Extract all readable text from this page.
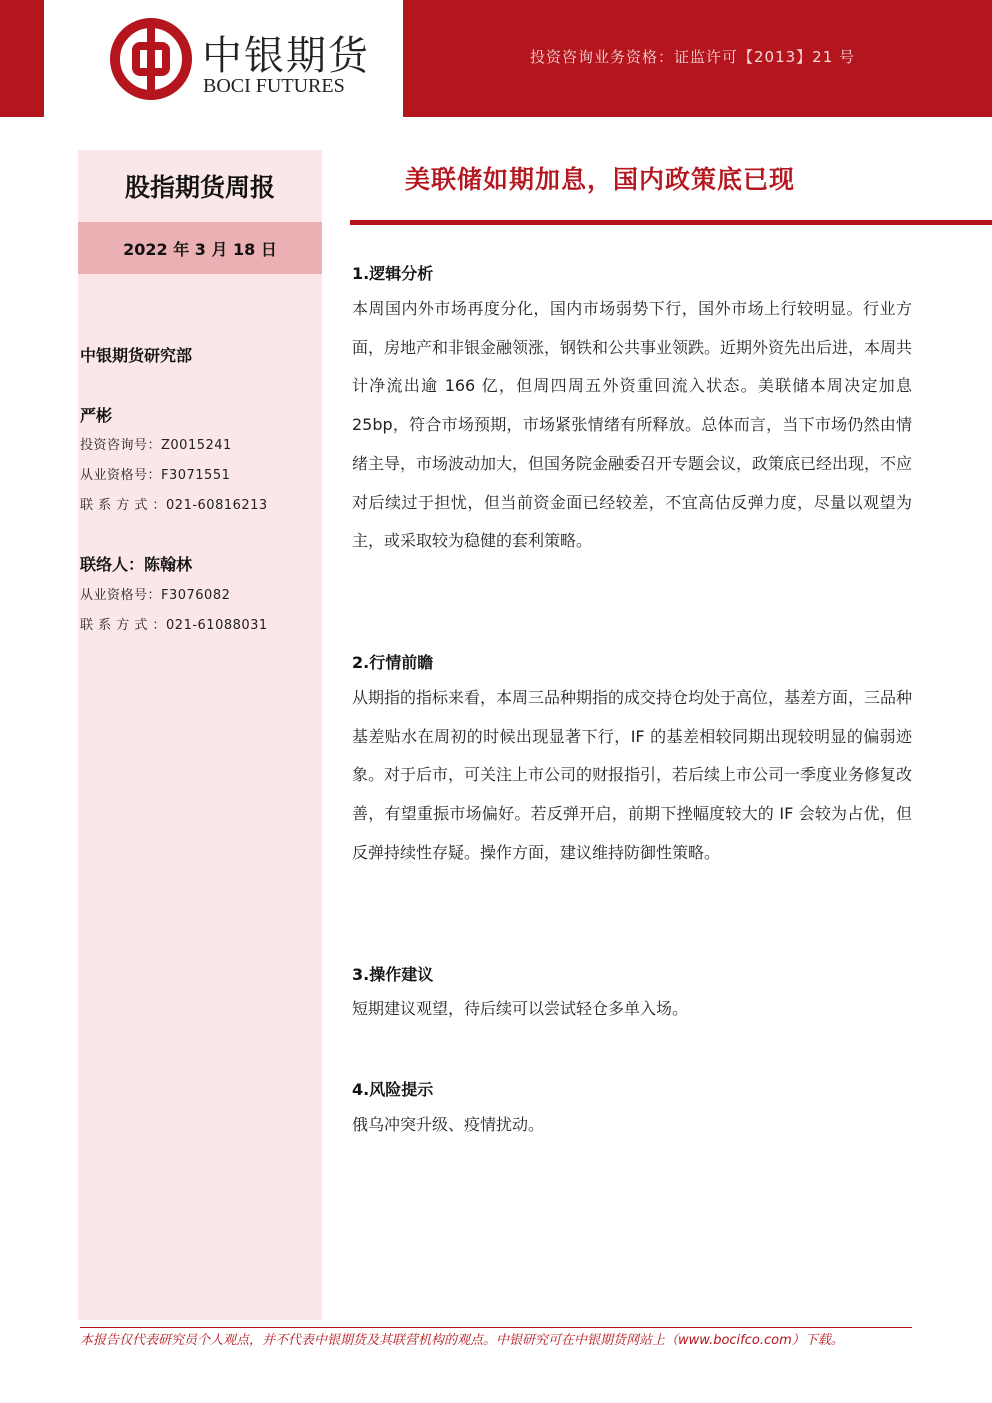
投资咨询业务资格：证监许可【2013】21 号
中银期货
BOCI FUTURES
股指期货周报
2022 年 3 月 18 日
中银期货研究部
严彬
投资咨询号：Z0015241
从业资格号：F3071551
联 系 方 式 ：021-60816213
联络人：陈翰林
从业资格号：F3076082
联 系 方 式 ：021-61088031
美联储如期加息，国内政策底已现
1.逻辑分析
本周国内外市场再度分化，国内市场弱势下行，国外市场上行较明显。行业方面，房地产和非银金融领涨，钢铁和公共事业领跌。近期外资先出后进，本周共计净流出逾 166 亿，但周四周五外资重回流入状态。美联储本周决定加息 25bp，符合市场预期，市场紧张情绪有所释放。总体而言，当下市场仍然由情绪主导，市场波动加大，但国务院金融委召开专题会议，政策底已经出现，不应对后续过于担忧，但当前资金面已经较差，不宜高估反弹力度，尽量以观望为主，或采取较为稳健的套利策略。
2.行情前瞻
从期指的指标来看，本周三品种期指的成交持仓均处于高位，基差方面，三品种基差贴水在周初的时候出现显著下行，IF 的基差相较同期出现较明显的偏弱迹象。对于后市，可关注上市公司的财报指引，若后续上市公司一季度业务修复改善，有望重振市场偏好。若反弹开启，前期下挫幅度较大的 IF 会较为占优，但反弹持续性存疑。操作方面，建议维持防御性策略。
3.操作建议
短期建议观望，待后续可以尝试轻仓多单入场。
4.风险提示
俄乌冲突升级、疫情扰动。
本报告仅代表研究员个人观点，并不代表中银期货及其联营机构的观点。中银研究可在中银期货网站上（www.bocifco.com）下载。
